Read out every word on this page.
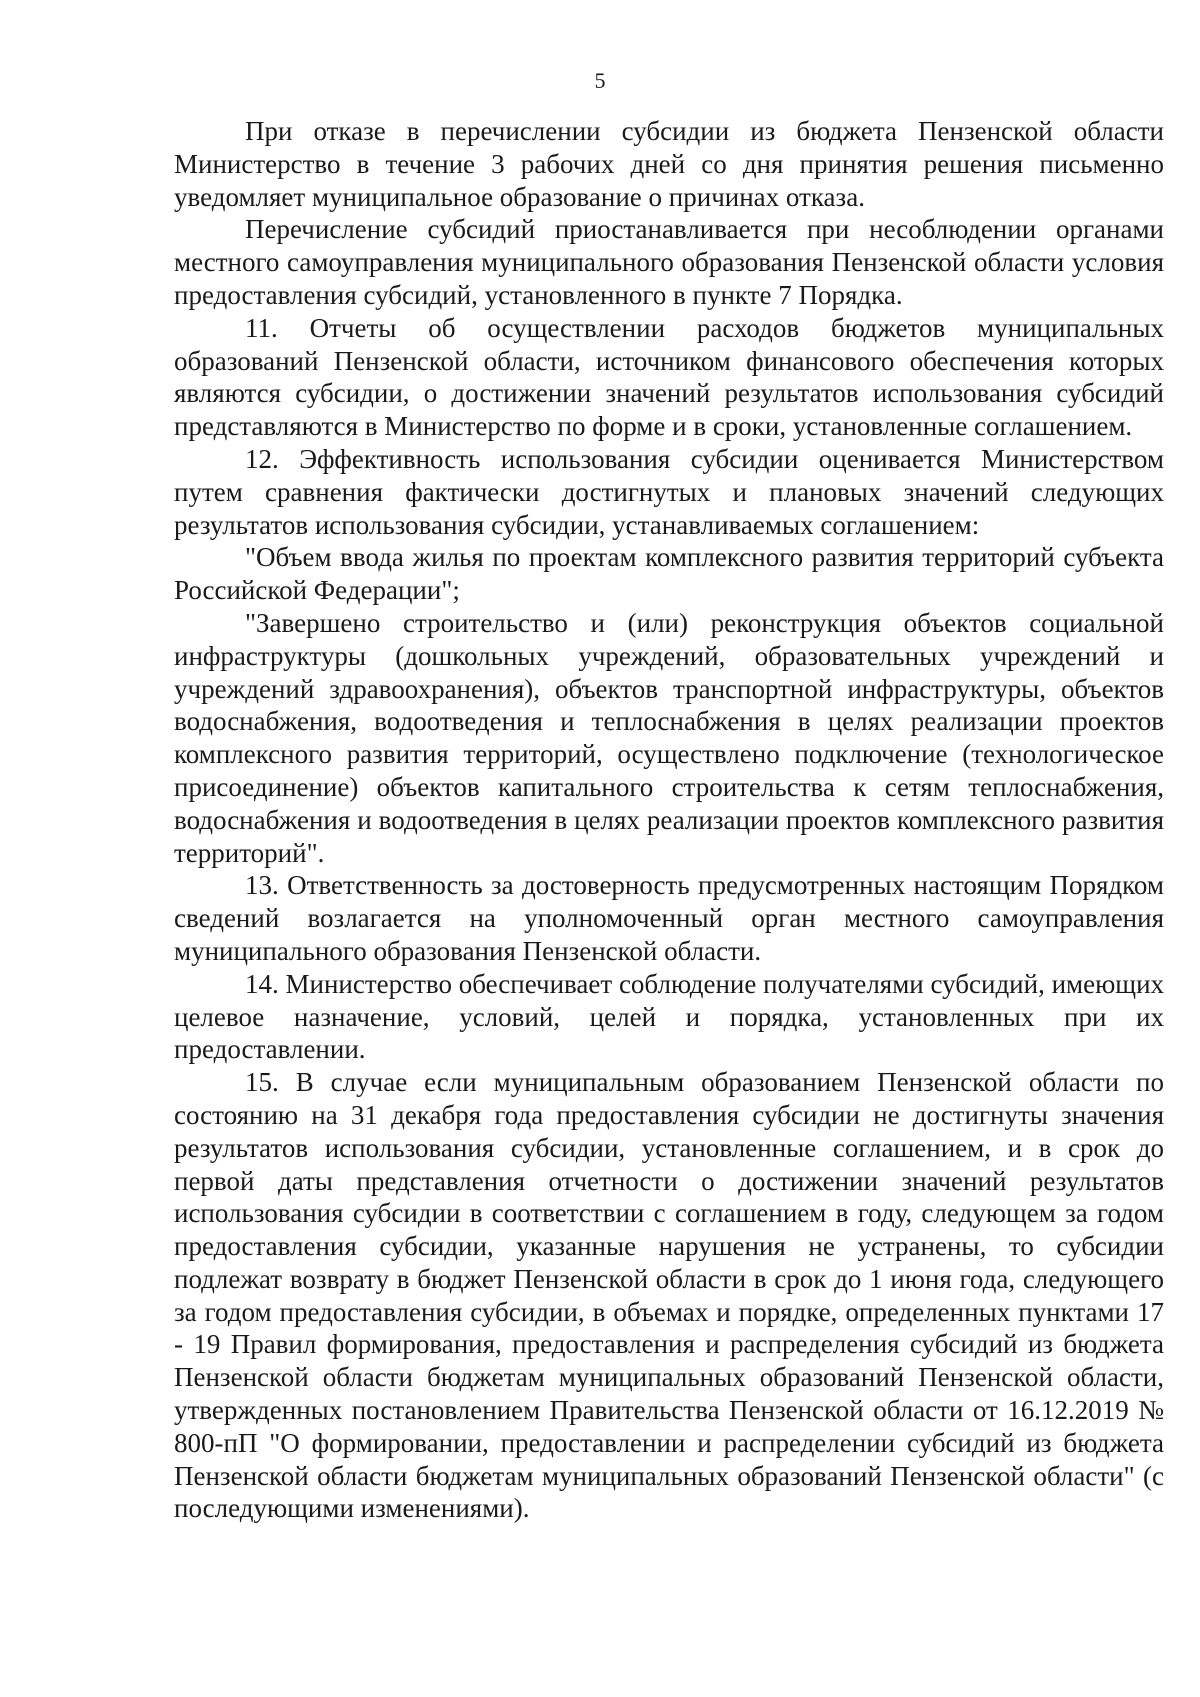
5

При отказе в перечислении субсидии из бюджета Пензенской области Министерство в течение 3 рабочих дней со дня принятия решения письменно уведомляет муниципальное образование о причинах отказа.

Перечисление субсидий приостанавливается при несоблюдении органами местного самоуправления муниципального образования Пензенской области условия предоставления субсидий, установленного в пункте 7 Порядка.

11. Отчеты об осуществлении расходов бюджетов муниципальных образований Пензенской области, источником финансового обеспечения которых являются субсидии, о достижении значений результатов использования субсидий представляются в Министерство по форме и в сроки, установленные соглашением.

12. Эффективность использования субсидии оценивается Министерством путем сравнения фактически достигнутых и плановых значений следующих результатов использования субсидии, устанавливаемых соглашением:

"Объем ввода жилья по проектам комплексного развития территорий субъекта Российской Федерации";

"Завершено строительство и (или) реконструкция объектов социальной инфраструктуры (дошкольных учреждений, образовательных учреждений и учреждений здравоохранения), объектов транспортной инфраструктуры, объектов водоснабжения, водоотведения и теплоснабжения в целях реализации проектов комплексного развития территорий, осуществлено подключение (технологическое присоединение) объектов капитального строительства к сетям теплоснабжения, водоснабжения и водоотведения в целях реализации проектов комплексного развития территорий".

13. Ответственность за достоверность предусмотренных настоящим Порядком сведений возлагается на уполномоченный орган местного самоуправления муниципального образования Пензенской области.

14. Министерство обеспечивает соблюдение получателями субсидий, имеющих целевое назначение, условий, целей и порядка, установленных при их предоставлении.

15. В случае если муниципальным образованием Пензенской области по состоянию на 31 декабря года предоставления субсидии не достигнуты значения результатов использования субсидии, установленные соглашением, и в срок до первой даты представления отчетности о достижении значений результатов использования субсидии в соответствии с соглашением в году, следующем за годом предоставления субсидии, указанные нарушения не устранены, то субсидии подлежат возврату в бюджет Пензенской области в срок до 1 июня года, следующего за годом предоставления субсидии, в объемах и порядке, определенных пунктами 17 - 19 Правил формирования, предоставления и распределения субсидий из бюджета Пензенской области бюджетам муниципальных образований Пензенской области, утвержденных постановлением Правительства Пензенской области от 16.12.2019 № 800-пП "О формировании, предоставлении и распределении субсидий из бюджета Пензенской области бюджетам муниципальных образований Пензенской области" (с последующими изменениями).
